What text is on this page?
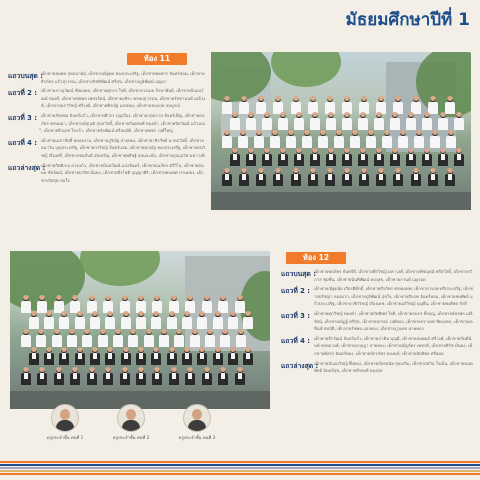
มัธยมศึกษาปีที่ 1
ห้อง 11
แถวบนสุด :
เด็กชายธนพล สุขอนามัย, เด็กชายณัฐพล ทองประเสริฐ, เด็กชายพงศกร จันทร์หอม, เด็กชายธีรภัทร แก้วสุวรรณ, เด็กชายกิตติพัฒน์ ศรีสุข, เด็กชายภูมิพัฒน์ บุญมา
แถวที่ 2 : เด็กชายภาณุวัฒน์ ชัยมงคล, เด็กชายศุภกร ใจดี, เด็กชายวรเมธ รักษาพันธ์, เด็กชายปัณณวัฒน์ ทองดี, เด็กชายชยพล เพชรรัตน์, เด็กชายอชิระ พรหมสุวรรณ, เด็กชายรัชชานนท์ มณีวงศ์, เด็กชายนราวิชญ์ ศรีวงศ์, เด็กชายพีรณัฐ แสงทอง, เด็กชายธนกฤต สมบูรณ์
แถวที่ 3 : เด็กชายภัทรพล อินทร์แก้ว, เด็กชายศิวกร บุญเรือง, เด็กชายกฤตภาส จันทร์เพ็ญ, เด็กชายธนภัทร พรหมมา, เด็กชายณัฐวุฒิ สุขสวัสดิ์, เด็กชายกันตพงศ์ ทองคำ, เด็กชายปิยวัฒน์ แก้วมณี, เด็กชายธีรเดช ใจกล้า, เด็กชายจิรพัฒน์ ศรีสมบัติ, เด็กชายพชร วงศ์ใหญ่
แถวที่ 4 : เด็กชายเมธาสิทธิ์ พลอยงาม, เด็กชายภูริณัฐ สายทอง, เด็กชายวชิรวิทย์ นาคสวัสดิ์, เด็กชายอนาวิน บุญประเสริฐ, เด็กชายกรวิชญ์ จันทร์แจ่ม, เด็กชายศุภณัฐ ทองประเสริฐ, เด็กชายธนวิชญ์ เรืองศรี, เด็กชายชนกันต์ สุขเจริญ, เด็กชายพสิษฐ์ อ่อนละมัย, เด็กชายปุณณวิช มหาวงศ์
แถวล่างสุด :
เด็กชายกิตติภณ ดวงแก้ว, เด็กชายนันทวัฒน์ แสงจันทร์, เด็กชายณภัทร ศรีวิไล, เด็กชายธนดล ชัยวัฒน์, เด็กชายปวริศ มั่นคง, เด็กชายธีรโชติ บุญญาศิริ, เด็กชายคณพศ ปานทอง, เด็กชายวิศรุต สมใจ
ห้อง 12
แถวบนสุด :
เด็กชายพลภัทร จันทร์ดี, เด็กชายพีรวิชญ์ มหาวงศ์, เด็กชายพิชญุตม์ ศรีสวัสดิ์, เด็กชายรวิภาส ชุ่มชื่น, เด็กชายนันทิพัฒน์ ทองสุข, เด็กชายกานต์ บุญรอด
แถวที่ 2 : เด็กชายณัฐดนัย เกียรติศักดิ์, เด็กชายธีรภัทร พรหมเทพ, เด็กชายวรภพ ศรีประเสริฐ, เด็กชายปรัชญา ทองมาก, เด็กชายภูริพัฒน์ สุขใจ, เด็กชายสิรภพ จันทร์หอม, เด็กชายชยพัทธ์ แก้วประเสริฐ, เด็กชายวชิรวิชญ์ เรืองเดช, เด็กชายอภิวิชญ์ บุญยืน, เด็กชายพงศ์พล รักดี
แถวที่ 3 : เด็กชายศุภวิชญ์ ทองคำ, เด็กชายกิตติพศ ใจดี, เด็กชายธนกร พึ่งบุญ, เด็กชายอัครพล มณีรัตน์, เด็กชายณัฏฐ์ ศรีสุข, เด็กชายปกรณ์ วงศ์ทอง, เด็กชายธราเทพ ชัยมงคล, เด็กชายเตชินท์ สมบัติ, เด็กชายรัชพล แสงทอง, เด็กชายภูวเดช นาคทอง
แถวที่ 4 : เด็กชายธีรวัฒน์ จันทร์แก้ว, เด็กชายภาคิน บุญมี, เด็กชายธนพนธ์ ศรีวงศ์, เด็กชายกันตินันท์ พรหมวงศ์, เด็กชายกฤษฎา สายทอง, เด็กชายณัฐภัทร เพชรดี, เด็กชายศิวัช มั่นคง, เด็กชายพัสกร อินทร์ทอง, เด็กชายจักรภัทร ทองแท้, เด็กชายอิทธิพล ศรีอ่อน
แถวล่างสุด :
เด็กชายปัณณวิชญ์ พึ่งทอง, เด็กชายภัทรดนัย สุขเสริม, เด็กชายชวิน ใจเย็น, เด็กชายนนทพัทธ์ อินทร์สุข, เด็กชายธีรพงศ์ ทองสุข
ครูประจำชั้น คนที่ 1	ครูประจำชั้น คนที่ 2	ครูประจำชั้น คนที่ 3
